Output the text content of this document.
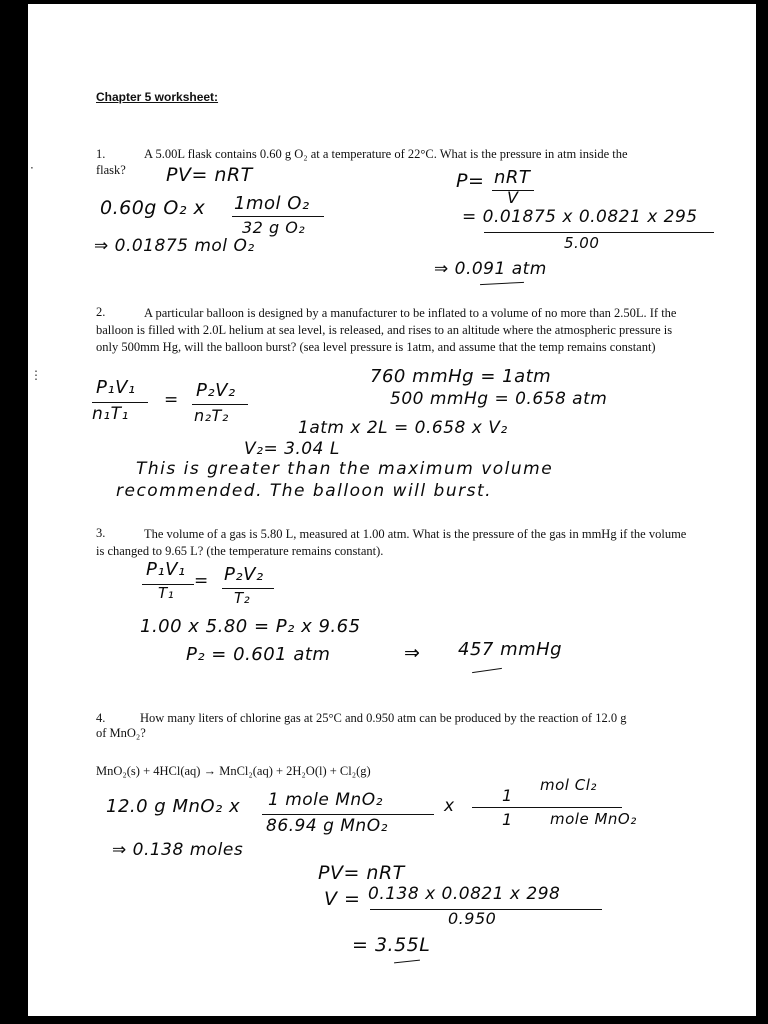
Chapter 5 worksheet:
1.	A 5.00L flask contains 0.60 g O₂ at a temperature of 22°C. What is the pressure in atm inside the
flask? PV= nRT
0.60g O₂ x 1mol O₂
32 g O₂
⇒ 0.01875 mol O₂
P= nRT
V
= 0.01875 x 0.0821 x 295
5.00
⇒ 0.091 atm
2.	A particular balloon is designed by a manufacturer to be inflated to a volume of no more than 2.50L. If the balloon is filled with 2.0L helium at sea level, is released, and rises to an altitude where the atmospheric pressure is only 500mm Hg, will the balloon burst? (sea level pressure is 1atm, and assume that the temp remains constant)
⋮
⋅
P₁V₁
n₁T₁
= P₂V₂
n₂T₂
760 mmHg = 1atm
500 mmHg = 0.658 atm
1atm x 2L = 0.658 x V₂
V₂= 3.04 L
This is greater than the maximum volume
recommended. The balloon will burst.
3.	The volume of a gas is 5.80 L, measured at 1.00 atm. What is the pressure of the gas in mmHg if the volume is changed to 9.65 L? (the temperature remains constant).
P₁V₁
T₁
= P₂V₂
T₂
1.00 x 5.80 = P₂ x 9.65
P₂ = 0.601 atm	⇒ 457 mmHg
4.	How many liters of chlorine gas at 25°C and 0.950 atm can be produced by the reaction of 12.0 g
of MnO₂?
MnO₂(s) + 4HCl(aq) → MnCl₂(aq) + 2H₂O(l) + Cl₂(g)
12.0 g MnO₂ x 1 mole MnO₂
86.94 g MnO₂
x
1
mol Cl₂
1 mole MnO₂
⇒ 0.138 moles
PV= nRT
V = 0.138 x 0.0821 x 298
0.950
= 3.55L
